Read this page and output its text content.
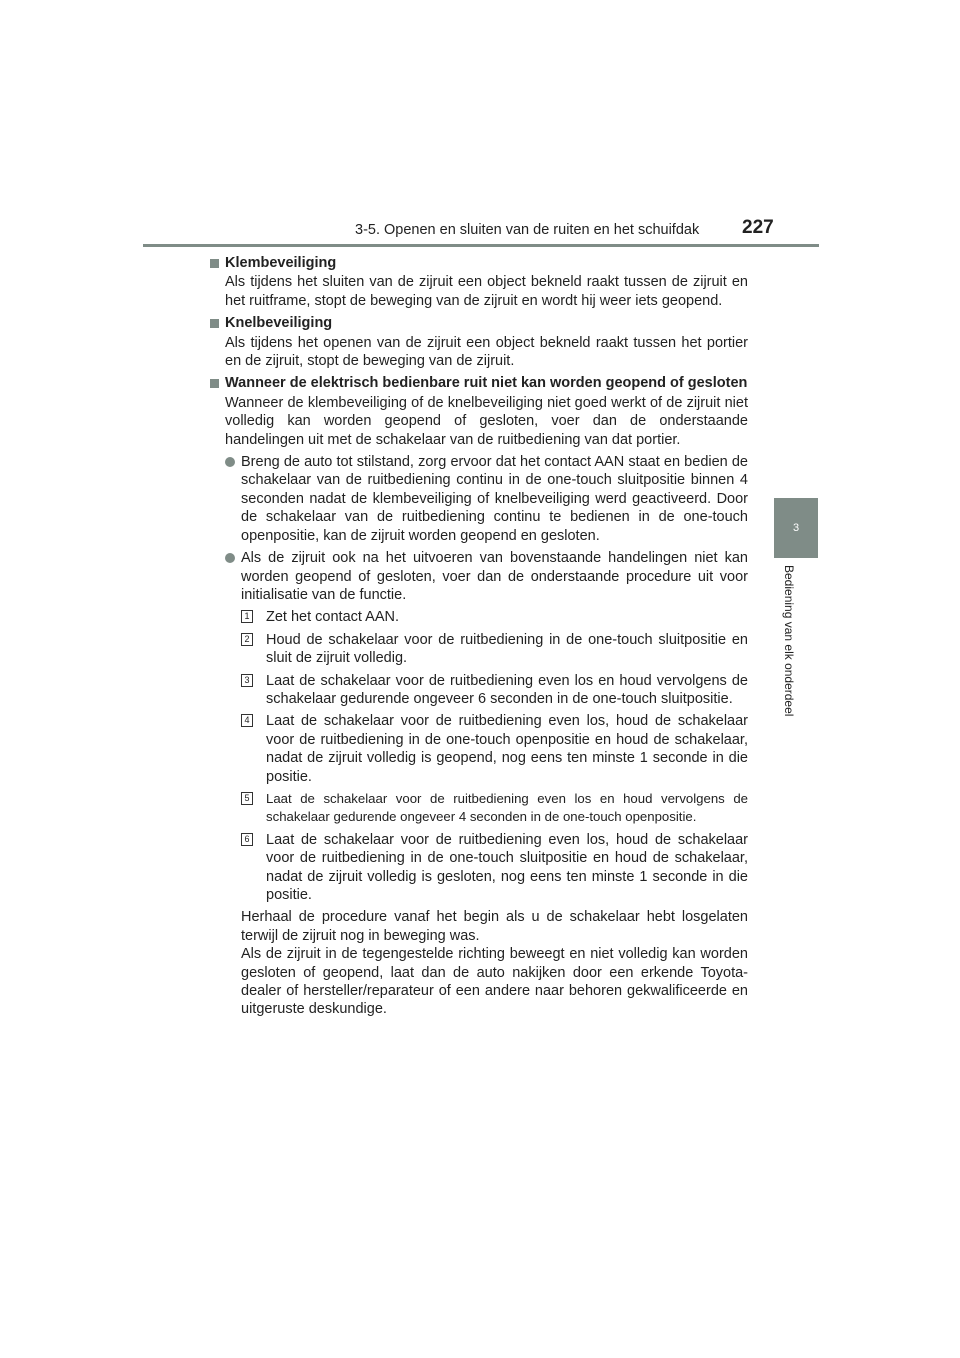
3-5. Openen en sluiten van de ruiten en het schuifdak 227
3
Bediening van elk onderdeel
Klembeveiliging
Als tijdens het sluiten van de zijruit een object bekneld raakt tussen de zijruit en het ruitframe, stopt de beweging van de zijruit en wordt hij weer iets geopend.
Knelbeveiliging
Als tijdens het openen van de zijruit een object bekneld raakt tussen het portier en de zijruit, stopt de beweging van de zijruit.
Wanneer de elektrisch bedienbare ruit niet kan worden geopend of gesloten
Wanneer de klembeveiliging of de knelbeveiliging niet goed werkt of de zijruit niet volledig kan worden geopend of gesloten, voer dan de onderstaande handelingen uit met de schakelaar van de ruitbediening van dat portier.
Breng de auto tot stilstand, zorg ervoor dat het contact AAN staat en bedien de schakelaar van de ruitbediening continu in de one-touch sluitpositie binnen 4 seconden nadat de klembeveiliging of knelbeveiliging werd geactiveerd. Door de schakelaar van de ruitbediening continu te bedienen in de one-touch openpositie, kan de zijruit worden geopend en gesloten.
Als de zijruit ook na het uitvoeren van bovenstaande handelingen niet kan worden geopend of gesloten, voer dan de onderstaande procedure uit voor initialisatie van de functie.
1 Zet het contact AAN.
2 Houd de schakelaar voor de ruitbediening in de one-touch sluitpositie en sluit de zijruit volledig.
3 Laat de schakelaar voor de ruitbediening even los en houd vervolgens de schakelaar gedurende ongeveer 6 seconden in de one-touch sluitpositie.
4 Laat de schakelaar voor de ruitbediening even los, houd de schakelaar voor de ruitbediening in de one-touch openpositie en houd de schakelaar, nadat de zijruit volledig is geopend, nog eens ten minste 1 seconde in die positie.
5 Laat de schakelaar voor de ruitbediening even los en houd vervolgens de schakelaar gedurende ongeveer 4 seconden in de one-touch openpositie.
6 Laat de schakelaar voor de ruitbediening even los, houd de schakelaar voor de ruitbediening in de one-touch sluitpositie en houd de schakelaar, nadat de zijruit volledig is gesloten, nog eens ten minste 1 seconde in die positie.
Herhaal de procedure vanaf het begin als u de schakelaar hebt losgelaten terwijl de zijruit nog in beweging was.
Als de zijruit in de tegengestelde richting beweegt en niet volledig kan worden gesloten of geopend, laat dan de auto nakijken door een erkende Toyota-dealer of hersteller/reparateur of een andere naar behoren gekwalificeerde en uitgeruste deskundige.
